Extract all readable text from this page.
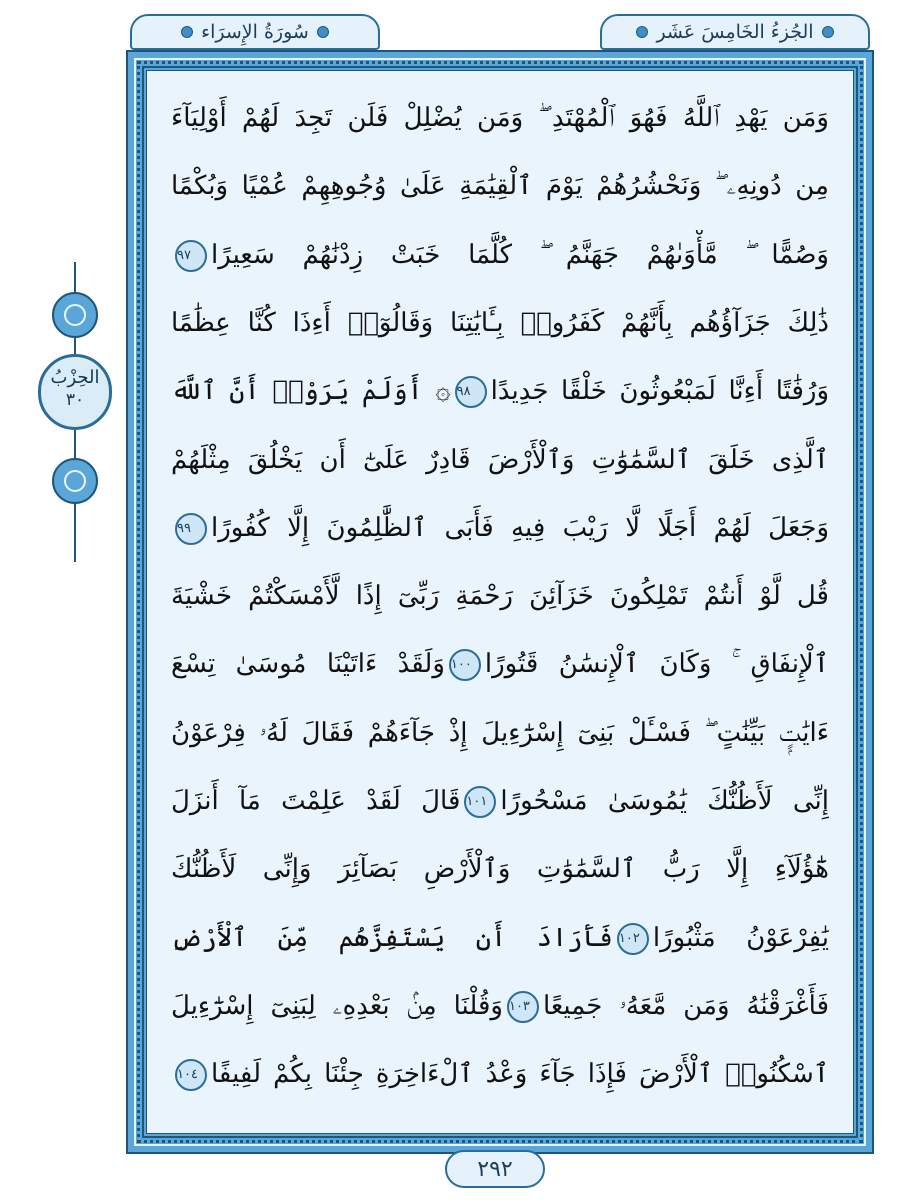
الجُزءُ الخَامِسَ عَشَر
سُورَةُ الإِسرَاء
الحِزْبُ
٣٠
وَمَن يَهْدِ ٱللَّهُ فَهُوَ ٱلْمُهْتَدِ ۖ وَمَن يُضْلِلْ فَلَن تَجِدَ لَهُمْ أَوْلِيَآءَ
مِن دُونِهِۦ ۖ وَنَحْشُرُهُمْ يَوْمَ ٱلْقِيَٰمَةِ عَلَىٰ وُجُوهِهِمْ عُمْيًا وَبُكْمًا
وَصُمًّا ۖ مَّأْوَىٰهُمْ جَهَنَّمُ ۖ كُلَّمَا خَبَتْ زِدْنَٰهُمْ سَعِيرًا٩٧
ذَٰلِكَ جَزَآؤُهُم بِأَنَّهُمْ كَفَرُوا۟ بِـَٔايَٰتِنَا وَقَالُوٓا۟ أَءِذَا كُنَّا عِظَٰمًا
وَرُفَٰتًا أَءِنَّا لَمَبْعُوثُونَ خَلْقًا جَدِيدًا٩٨۞ أَوَلَمْ يَرَوْا۟ أَنَّ ٱللَّهَ
ٱلَّذِى خَلَقَ ٱلسَّمَٰوَٰتِ وَٱلْأَرْضَ قَادِرٌ عَلَىٰٓ أَن يَخْلُقَ مِثْلَهُمْ
وَجَعَلَ لَهُمْ أَجَلًا لَّا رَيْبَ فِيهِ فَأَبَى ٱلظَّٰلِمُونَ إِلَّا كُفُورًا٩٩
قُل لَّوْ أَنتُمْ تَمْلِكُونَ خَزَآئِنَ رَحْمَةِ رَبِّىٓ إِذًا لَّأَمْسَكْتُمْ خَشْيَةَ
ٱلْإِنفَاقِ ۚ وَكَانَ ٱلْإِنسَٰنُ قَتُورًا١٠٠وَلَقَدْ ءَاتَيْنَا مُوسَىٰ تِسْعَ
ءَايَٰتٍۭ بَيِّنَٰتٍ ۖ فَسْـَٔلْ بَنِىٓ إِسْرَٰٓءِيلَ إِذْ جَآءَهُمْ فَقَالَ لَهُۥ فِرْعَوْنُ
إِنِّى لَأَظُنُّكَ يَٰمُوسَىٰ مَسْحُورًا١٠١قَالَ لَقَدْ عَلِمْتَ مَآ أَنزَلَ
هَٰٓؤُلَآءِ إِلَّا رَبُّ ٱلسَّمَٰوَٰتِ وَٱلْأَرْضِ بَصَآئِرَ وَإِنِّى لَأَظُنُّكَ
يَٰفِرْعَوْنُ مَثْبُورًا١٠٢فَأَرَادَ أَن يَسْتَفِزَّهُم مِّنَ ٱلْأَرْضِ
فَأَغْرَقْنَٰهُ وَمَن مَّعَهُۥ جَمِيعًا١٠٣وَقُلْنَا مِنۢ بَعْدِهِۦ لِبَنِىٓ إِسْرَٰٓءِيلَ
ٱسْكُنُوا۟ ٱلْأَرْضَ فَإِذَا جَآءَ وَعْدُ ٱلْءَاخِرَةِ جِئْنَا بِكُمْ لَفِيفًا١٠٤
٢٩٢
